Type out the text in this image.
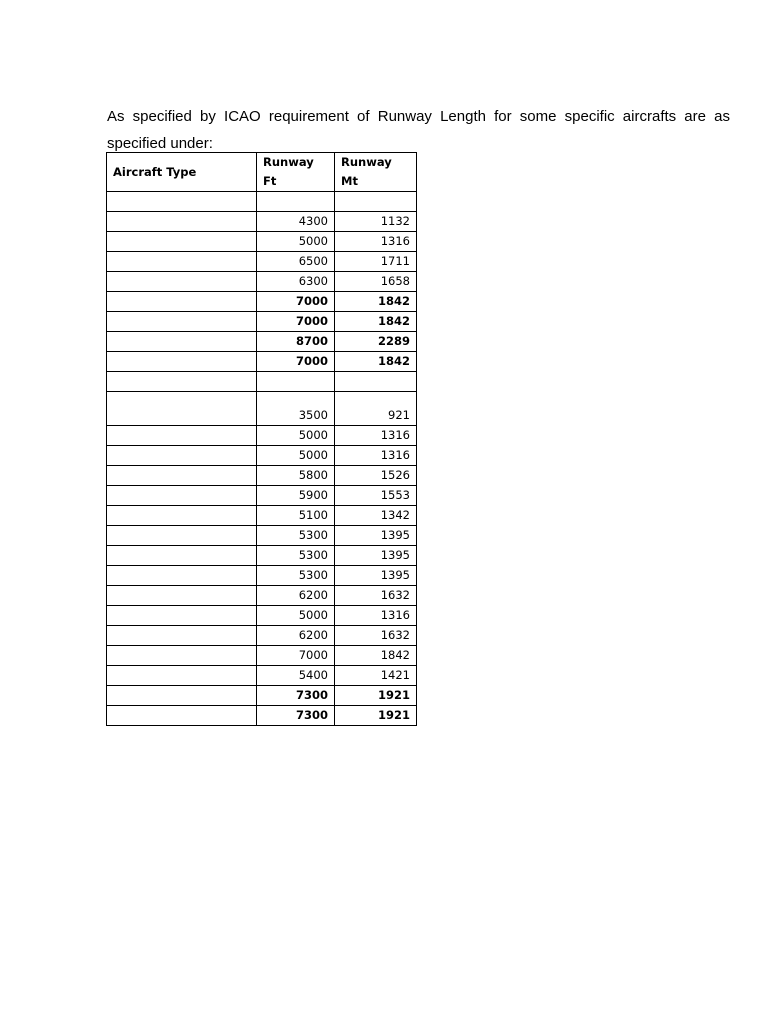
As specified by ICAO requirement of Runway Length for some specific aircrafts are as specified under:

Aircraft Type	Runway Ft	Runway Mt

	4300	1132
	5000	1316
	6500	1711
	6300	1658
	7000	1842
	7000	1842
	8700	2289
	7000	1842

	3500	921
	5000	1316
	5000	1316
	5800	1526
	5900	1553
	5100	1342
	5300	1395
	5300	1395
	5300	1395
	6200	1632
	5000	1316
	6200	1632
	7000	1842
	5400	1421
	7300	1921
	7300	1921
